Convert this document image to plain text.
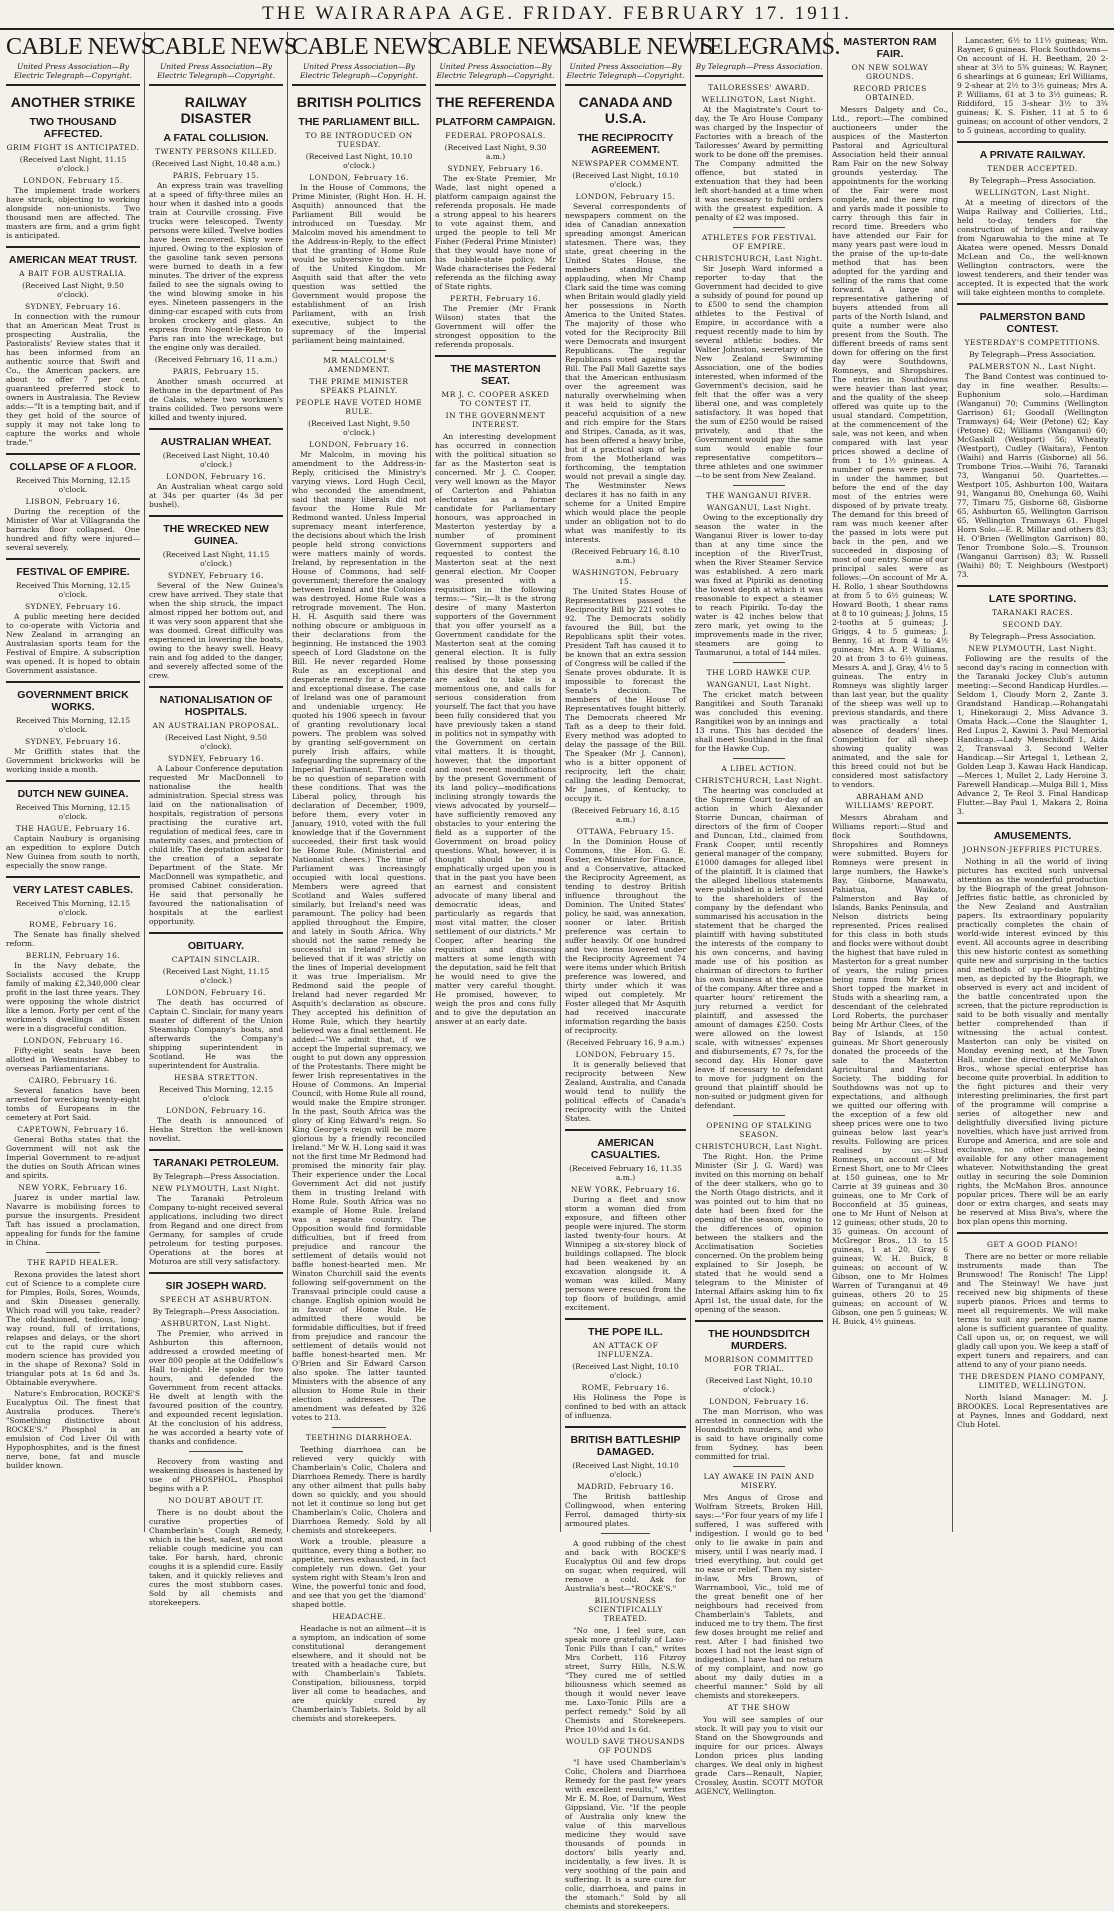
THE WAIRARAPA AGE. FRIDAY. FEBRUARY 17. 1911.
CABLE NEWS
United Press Association—By Electric Telegraph—Copyright.
ANOTHER STRIKE
TWO THOUSAND AFFECTED.
GRIM FIGHT IS ANTICIPATED.
(Received Last Night, 11.15 o'clock.)
LONDON, February 15.

The implement trade workers have struck, objecting to working alongside non-unionists. Two thousand men are affected. The masters are firm, and a grim fight is anticipated.

AMERICAN MEAT TRUST.
A BAIT FOR AUSTRALIA.
(Received Last Night, 9.50 o'clock).
SYDNEY, February 16.

In connection with the rumour that an American Meat Trust is prospecting Australia, the Pastoralists' Review states that it has been informed from an authentic source that Swift and Co., the American packers, are about to offer 7 per cent. guaranteed preferred stock to owners in Australasia. The Review adds:—"It is a tempting bait, and if they get hold of the source of supply it may not take long to capture the works and whole trade."

COLLAPSE OF A FLOOR.
Received This Morning, 12.15 o'clock.
LISBON, February 16.

During the reception of the Minister of War at Villagranda the barracks floor collapsed. One hundred and fifty were injured—several severely.

FESTIVAL OF EMPIRE.
Received This Morning, 12.15 o'clock.
SYDNEY, February 16.

A public meeting here decided to co-operate with Victoria and New Zealand in arranging an Australasian sports team for the Festival of Empire. A subscription was opened. It is hoped to obtain Government assistance.

GOVERNMENT BRICK WORKS.
Received This Morning, 12.15 o'clock.
SYDNEY, February 16.

Mr Griffith states that the Government brickworks will be working inside a month.

DUTCH NEW GUINEA.
Received This Morning, 12.15 o'clock.
THE HAGUE, February 16.

Captain Naubury is organising an expedition to explore Dutch New Guinea from south to north, especially the snow range.

VERY LATEST CABLES.
Received This Morning, 12.15 o'clock.
ROME, February 16.

The Senate has finally shelved reform.

BERLIN, February 16.

In the Navy debate, the Socialists accused the Krupp family of making £2,340,000 clear profit in the last three years. They were opposing the whole district like a lemon. Forty per cent of the workmen's dwellings at Essen were in a disgraceful condition.

LONDON, February 16.

Fifty-eight seats have been allotted in Westminster Abbey to overseas Parliamentarians.

CAIRO, February 16.

Several fanatics have been arrested for wrecking twenty-eight tombs of Europeans in the cemetery at Port Said.

CAPETOWN, February 16.

General Botha states that the Government will not ask the Imperial Government to re-adjust the duties on South African wines and spirits.

NEW YORK, February 16.

Juarez is under martial law. Navarre is mobilising forces to pursue the insurgents. President Taft has issued a proclamation, appealing for funds for the famine in China.

THE RAPID HEALER.

Rexona provides the latest short cut of Science to a complete cure for Pimples, Boils, Sores, Wounds, and Skin Diseases generally. Which road will you take, reader? The old-fashioned, tedious, long-way round, full of irritations, relapses and delays, or the short cut to the rapid cure which modern science has provided you in the shape of Rexona? Sold in triangular pots at 1s 6d and 3s. Obtainable everywhere.

Nature's Embrocation, ROCKE'S Eucalyptus Oil. The finest that Australia produces. There's "Something distinctive about ROCKE'S." Phosphol is an emulsion of Cod Liver Oil with Hypophosphites, and is the finest nerve, bone, fat and muscle builder known.

CABLE NEWS
United Press Association—By Electric Telegraph—Copyright.
RAILWAY DISASTER
A FATAL COLLISION.
TWENTY PERSONS KILLED.
(Received Last Night, 10.48 a.m.)
PARIS, February 15.

An express train was travelling at a speed of fifty-three miles an hour when it dashed into a goods train at Courville crossing. Five trucks were telescoped. Twenty persons were killed. Twelve bodies have been recovered. Sixty were injured. Owing to the explosion of the gasoline tank seven persons were burned to death in a few minutes. The driver of the express failed to see the signals owing to the wind blowing smoke in his eyes. Nineteen passengers in the dining-car escaped with cuts from broken crockery and glass. An express from Nogent-le-Retron to Paris ran into the wreckage, but the engine only was derailed.

(Received February 16, 11 a.m.)
PARIS, February 15.

Another smash occurred at Bethune in the department of Pas de Calais, where two workmen's trains collided. Two persons were killed and twenty injured.

AUSTRALIAN WHEAT.
(Received Last Night, 10.40 o'clock.)
LONDON, February 16.

An Australian wheat cargo sold at 34s per quarter (4s 3d per bushel).

THE WRECKED NEW GUINEA.
(Received Last Night, 11.15 o'clock.)
SYDNEY, February 16.

Several of the New Guinea's crew have arrived. They state that when the ship struck, the impact almost ripped her bottom out, and it was very soon apparent that she was doomed. Great difficulty was experienced in lowering the boats, owing to the heavy swell. Heavy rain and fog added to the danger, and severely affected some of the crew.

NATIONALISATION OF HOSPITALS.
AN AUSTRALIAN PROPOSAL.
(Received Last Night, 9.50 o'clock).
SYDNEY, February 16.

A Labour Conference deputation requested Mr MacDonnell to nationalise the health administration. Special stress was laid on the nationalisation of hospitals, registration of persons practising the curative art, regulation of medical fees, care in maternity cases, and protection of child life. The deputation asked for the creation of a separate Department of the State. Mr MacDonnell was sympathetic, and promised Cabinet consideration. He said that personally he favoured the nationalisation of hospitals at the earliest opportunity.

OBITUARY.
CAPTAIN SINCLAIR.
(Received Last Night, 11.15 o'clock.)
LONDON, February 16.

The death has occurred of Captain C. Sinclair, for many years master of different of the Union Steamship Company's boats, and afterwards the Company's shipping superintendent in Scotland. He was the superintendent for Australia.

HESBA STRETTON.
Received This Morning, 12.15 o'clock
LONDON, February 16.

The death is announced of Hesba Stretton the well-known novelist.

TARANAKI PETROLEUM.
By Telegraph—Press Association.
NEW PLYMOUTH, Last Night.

The Taranaki Petroleum Company to-night received several applications, including two direct from Regand and one direct from Germany, for samples of crude petroleum for testing purposes. Operations at the bores at Moturoa are still very satisfactory.

SIR JOSEPH WARD.
SPEECH AT ASHBURTON.
By Telegraph—Press Association.
ASHBURTON, Last Night.

The Premier, who arrived in Ashburton this afternoon, addressed a crowded meeting of over 800 people at the Oddfellow's Hall to-night. He spoke for two hours, and defended the Government from recent attacks. He dwelt at length with the favoured position of the country, and expounded recent legislation. At the conclusion of his address, he was accorded a hearty vote of thanks and confidence.

Recovery from wasting and weakening diseases is hastened by use of PHOSPHOL. Phosphol begins with a P.

NO DOUBT ABOUT IT.

There is no doubt about the curative properties of Chamberlain's Cough Remedy, which is the best, safest, and most reliable cough medicine you can take. For harsh, hard, chronic coughs it is a splendid cure. Easily taken, and it quickly relieves and cures the most stubborn cases. Sold by all chemists and storekeepers.

CABLE NEWS
United Press Association—By Electric Telegraph—Copyright.
BRITISH POLITICS
THE PARLIAMENT BILL.
TO BE INTRODUCED ON TUESDAY.
(Received Last Night, 10.10 o'clock.)
LONDON, February 16.

In the House of Commons, the Prime Minister, (Right Hon. H. H. Asquith) announced that the Parliament Bill would be introduced on Tuesday. Mr Malcolm moved his amendment to the Address-in-Reply, to the effect that the granting of Home Rule would be subversive to the union of the United Kingdom. Mr Asquith said that after the veto question was settled the Government would propose the establishment of an Irish Parliament, with an Irish executive, subject to the supremacy of the Imperial parliament being maintained.

MR MALCOLM'S AMENDMENT.
THE PRIME MINISTER SPEAKS PLAINLY.
PEOPLE HAVE VOTED HOME RULE.
(Received Last Night, 9.50 o'clock.)
LONDON, February 16.

Mr Malcolm, in moving his amendment to the Address-in-Reply, criticised the Ministry's varying views. Lord Hugh Cecil, who seconded the amendment, said that many liberals did not favour the Home Rule Mr Redmond wanted. Unless Imperial supremacy meant interference, the decisions about which the Irish people held strong convictions were matters mainly of words. Ireland, by representation in the House of Commons, had self-government; therefore the analogy between Ireland and the Colonies was destroyed. Home Rule was a retrograde movement. The Hon. H. H. Asquith said there was nothing obscure or ambiguous in their declarations from the beginning. He instanced the 1903 speech of Lord Gladstone on the Bill. He never regarded Home Rule as an exceptional and desperate remedy for a desperate and exceptional disease. The case of Ireland was one of paramount and undeniable urgency. He quoted his 1906 speech in favour of granting revolutionary local powers. The problem was solved by granting self-government on purely Irish affairs, while safeguarding the supremacy of the Imperial Parliament. There could be no question of separation with these conditions. That was the Liberal policy, through his declaration of December, 1909, before them, every voter in January, 1910, voted with the full knowledge that if the Government succeeded, their first task would be Home Rule. (Ministerial and Nationalist cheers.) The time of Parliament was increasingly occupied with local questions. Members were agreed that Scotland and Wales suffered similarly, but Ireland's need was paramount. The policy had been applied throughout the Empire, and lately in South Africa. Why should not the same remedy be successful in Ireland? He also believed that if it was strictly on the lines of Imperial development it was true Imperialism. Mr Redmond said the people of Ireland had never regarded Mr Asquith's declaration as obscure. They accepted his definition of Home Rule, which they heartily believed was a final settlement. He added:—"We admit that, if we accept the Imperial supremacy, we ought to put down any oppression of the Protestants. There might be fewer Irish representatives in the House of Commons. An Imperial Council, with Home Rule all round, would make the Empire stronger. In the past, South Africa was the glory of King Edward's reign. So King George's reign will be more glorious by a friendly reconciled Ireland." Mr W. H. Long said it was not the first time Mr Redmond had promised the minority fair play. Their experience under the Local Government Act did not justify them in trusting Ireland with Home Rule. South Africa was no example of Home Rule. Ireland was a separate country. The Opposition would find formidable difficulties, but if freed from prejudice and rancour the settlement of details would not baffle honest-hearted men. Mr Winston Churchill said the events following self-government on the Transvaal principle could cause a change. English opinion would be in favour of Home Rule. He admitted there would be formidable difficulties, but if freed from prejudice and rancour the settlement of details would not baffle honest-hearted men. Mr O'Brien and Sir Edward Carson also spoke. The latter taunted Ministers with the absence of any allusion to Home Rule in their election addresses. The amendment was defeated by 326 votes to 213.

TEETHING DIARRHOEA.

Teething diarrhoea can be relieved very quickly with Chamberlain's Colic, Cholera and Diarrhoea Remedy. There is hardly any other ailment that pulls baby down so quickly, and you should not let it continue so long but get Chamberlain's Colic, Cholera and Diarrhoea Remedy. Sold by all chemists and storekeepers.

Work a trouble, pleasure a quittance, every thing a bother, no appetite, nerves exhausted, in fact completely run down. Get your system right with Steam's Iron and Wine, the powerful tonic and food, and see that you get the 'diamond' shaped bottle.

HEADACHE.

Headache is not an ailment—it is a symptom, an indication of some constitutional derangement elsewhere, and it should not be treated with a headache cure, but with Chamberlain's Tablets. Constipation, biliousness, torpid liver all come to headaches, and are quickly cured by Chamberlain's Tablets. Sold by all chemists and storekeepers.

CABLE NEWS
United Press Association—By Electric Telegraph—Copyright.
THE REFERENDA
PLATFORM CAMPAIGN.
FEDERAL PROPOSALS.
(Received Last Night, 9.30 a.m.)
SYDNEY, February 16.

The ex-State Premier, Mr Wade, last night opened a platform campaign against the referenda proposals. He made a strong appeal to his hearers to vote against them, and urged the people to tell Mr Fisher (Federal Prime Minister) that they would have none of his bubble-state policy. Mr Wade characterises the Federal referenda as the filching away of State rights.

PERTH, February 16.

The Premier (Mr Frank Wilson) states that the Government will offer the strongest opposition to the referenda proposals.

THE MASTERTON SEAT.
MR J. C. COOPER ASKED TO CONTEST IT.
IN THE GOVERNMENT INTEREST.

An interesting development has occurred in connection with the political situation so far as the Masterton seat is concerned. Mr J. C. Cooper, very well known as the Mayor of Carterton and Pahiatua electorates as a former candidate for Parliamentary honours, was approached in Masterton yesterday by a number of prominent Government supporters and requested to contest the Masterton seat at the next general election. Mr Cooper was presented with a requisition in the following terms:— "Sir,—It is the strong desire of many Masterton supporters of the Government that you offer yourself as a Government candidate for the Masterton seat at the coming general election. It is fully realised by those possessing this desire that the step you are asked to take is a momentous one, and calls for serious consideration from yourself. The fact that you have been fully considered that you have previously taken a stand in politics not in sympathy with the Government on certain vital matters. It is thought, however, that the important and most recent modifications by the present Government of its land policy—modifications inclining strongly towards the views advocated by yourself—have sufficiently removed any obstacles to your entering the field as a supporter of the Government on broad policy questions. What, however, it is thought should be most emphatically urged upon you is that in the past you have been an earnest and consistent advocate of many liberal and democratic ideas, and particularly as regards that most vital matter, the closer settlement of our districts." Mr Cooper, after hearing the requisition and discussing matters at some length with the deputation, said he felt that he would need to give the matter very careful thought. He promised, however, to weigh the pros and cons fully and to give the deputation an answer at an early date.

CABLE NEWS
United Press Association—By Electric Telegraph—Copyright.
CANADA AND U.S.A.
THE RECIPROCITY AGREEMENT.
NEWSPAPER COMMENT.
(Received Last Night, 10.10 o'clock.)
LONDON, February 15.

Several correspondents of newspapers comment on the idea of Canadian annexation spreading amongst American statesmen. There was, they state, great cheering in the United States House, the members standing and applauding, when Mr Champ Clark said the time was coming when Britain would gladly yield her possessions in North America to the United States. The majority of those who voted for the Reciprocity Bill were Democrats and insurgent Republicans. The regular Republicans voted against the Bill. The Pall Mall Gazette says that the American enthusiasm over the agreement was naturally overwhelming when it was held to signify the peaceful acquisition of a new and rich empire for the Stars and Stripes. Canada, as it was, has been offered a heavy bribe, but if a practical sign of help from the Motherland was forthcoming, the temptation would not prevail a single day. The Westminster News declares it has no faith in any scheme for a United Empire which would place the people under an obligation not to do what was manifestly to its interests.

(Received February 16, 8.10 a.m.)
WASHINGTON, February 15.

The United States House of Representatives passed the Reciprocity Bill by 221 votes to 92. The Democrats solidly favoured the Bill, but the Republicans split their votes. President Taft has caused it to be known that an extra session of Congress will be called if the Senate proves obdurate. It is impossible to forecast the Senate's decision. The members of the House of Representatives fought bitterly. The Democrats cheered Mr Taft as a deep to their fold. Every method was adopted to delay the passage of the Bill. The Speaker (Mr J. Cannon), who is a bitter opponent of reciprocity, left the chair, calling the leading Democrat, Mr James, of Kentucky, to occupy it.

(Received February 16, 8.15 a.m.)
OTTAWA, February 15.

In the Dominion House of Commons, the Hon. G. E. Foster, ex-Minister for Finance, and a Conservative, attacked the Reciprocity Agreement, as tending to destroy British influence throughout the Dominion. The United States' policy, he said, was annexation, sooner or later. British preference was certain to suffer heavily. Of one hundred and two items lowered under the Reciprocity Agreement 74 were items under which British preference was lowered, and thirty under which it was wiped out completely. Mr Foster alleged that Mr Asquith had received inaccurate information regarding the basis of reciprocity.

(Received February 16, 9 a.m.)
LONDON, February 15.

It is generally believed that reciprocity between New Zealand, Australia, and Canada would tend to nullify the political effects of Canada's reciprocity with the United States.

AMERICAN CASUALTIES.
(Received February 16, 11.35 a.m.)
NEW YORK, February 16.

During a fleet and snow storm a woman died from exposure, and fifteen other people were injured. The storm lasted twenty-four hours. At Winnipeg a six-storey block of buildings collapsed. The block had been weakened by an excavation alongside it. A woman was killed. Many persons were rescued from the top floors of buildings, amid excitement.

THE POPE ILL.
AN ATTACK OF INFLUENZA.
(Received Last Night, 10.10 o'clock.)
ROME, February 16.

His Holiness the Pope is confined to bed with an attack of influenza.

BRITISH BATTLESHIP DAMAGED.
(Received Last Night, 10.10 o'clock.)
MADRID, February 16.

The British battleship Collingwood, when entering Ferrol, damaged thirty-six armoured plates.

A good rubbing of the chest and back with ROCKE'S Eucalyptus Oil and few drops on sugar, when required, will remove a cold. Ask for Australia's best—"ROCKE'S."

BILIOUSNESS SCIENTIFICALLY TREATED.

"No one, I feel sure, can speak more gratefully of Laxo-Tonic Pills than I can," writes Mrs Corbett, 116 Fitzroy street, Surry Hills, N.S.W. "They cured me of settled biliousness which seemed as though it would never leave me. Laxo-Tonic Pills are a perfect remedy." Sold by all Chemists and Storekeepers. Price 10½d and 1s 6d.

WOULD SAVE THOUSANDS OF POUNDS

"I have used Chamberlain's Colic, Cholera and Diarrhoea Remedy for the past few years with excellent results," writes Mr E. M. Roe, of Darnum, West Gippsland, Vic. "If the people of Australia only knew the value of this marvellous medicine they would save thousands of pounds in doctors' bills yearly and, incidentally, a few lives. It is very soothing of the pain and suffering. It is a sure cure for colic, diarrhoea, and pains in the stomach." Sold by all chemists and storekeepers.

TELEGRAMS.
By Telegraph—Press Association.
TAILORESSES' AWARD.
WELLINGTON, Last Night.

At the Magistrate's Court to-day, the Te Aro House Company was charged by the Inspector of Factories with a breach of the Tailoresses' Award by permitting work to be done off the premises. The Company admitted the offence, but stated in extenuation that they had been left short-handed at a time when it was necessary to fulfil orders with the greatest expedition. A penalty of £2 was imposed.

ATHLETES FOR FESTIVAL OF EMPIRE.
CHRISTCHURCH, Last Night.

Sir Joseph Ward informed a reporter to-day that the Government had decided to give a subsidy of pound for pound up to £500 to send the champion athletes to the Festival of Empire, in accordance with a request recently made to him by several athletic bodies. Mr Walter Johnston, secretary of the New Zealand Swimming Association, one of the bodies interested, when informed of the Government's decision, said he felt that the offer was a very liberal one, and was completely satisfactory. It was hoped that the sum of £250 would be raised privately, and that the Government would pay the same sum would enable four representative competitors—three athletes and one swimmer—to be sent from New Zealand.

THE WANGANUI RIVER.
WANGANUI, Last Night.

Owing to the exceptionally dry season the water in the Wanganui River is lower to-day than at any time since the inception of the RiverTrust, when the River Steamer Service was established. A zero mark was fixed at Pipiriki as denoting the lowest depth at which it was reasonable to expect a steamer to reach Pipiriki. To-day the water is 42 inches below that zero mark, yet owing to the improvements made in the river, steamers are going to Taumarunui, a total of 144 miles.

THE LORD HAWKE CUP.
WANGANUI, Last Night.

The cricket match between Rangitikei and South Taranaki was concluded this evening. Rangitikei won by an innings and 13 runs. This has decided the shall meet Southland in the final for the Hawke Cup.

A LIBEL ACTION.
CHRISTCHURCH, Last Night.

The hearing was concluded at the Supreme Court to-day of an action in which Alexander Storrie Duncan, chairman of directors of the firm of Cooper and Duncan, Ltd., claimed from Frank Cooper, until recently general manager of the company, £1000 damages for alleged libel of the plaintiff. It is claimed that the alleged libellous statements were published in a letter issued to the shareholders of the company by the defendant who summarised his accusation in the statement that he charged the plaintiff with having substituted the interests of the company to his own concerns, and having made use of his position as chairman of directors to further his own business at the expense of the company. After three and a quarter hours' retirement the jury returned a verdict for plaintiff, and assessed the amount of damages £250. Costs were allowed on the lowest scale, with witnesses' expenses and disbursements, £7 7s, for the second day. His Honor gave leave if necessary to defendant to move for judgment on the ground that plaintiff should be non-suited or judgment given for defendant.

OPENING OF STALKING SEASON.
CHRISTCHURCH, Last Night.

The Right. Hon. the Prime Minister (Sir J. G. Ward) was invited on this morning on behalf of the deer stalkers, who go to the North Otago districts, and it was pointed out to him that no date had been fixed for the opening of the season, owing to the differences of opinion between the stalkers and the Acclimatisation Societies concerned. On the problem being explained to Sir Joseph, he stated that he would send a telegram to the Minister of Internal Affairs asking him to fix April 1st, the usual date, for the opening of the season.

THE HOUNDSDITCH MURDERS.
MORRISON COMMITTED FOR TRIAL.
(Received Last Night, 10.10 o'clock.)
LONDON, February 16.

The man Morrison, who was arrested in connection with the Houndsditch murders, and who is said to have originally come from Sydney, has been committed for trial.

LAY AWAKE IN PAIN AND MISERY.

Mrs Angus of Grose and Wolfram Streets, Broken Hill, says:—"For four years of my life I suffered, I was suffered with indigestion. I would go to bed only to lie awake in pain and misery, until I was nearly mad. I tried everything, but could get no ease or relief. Then my sister-in-law, Mrs Brown, of Warrnambool, Vic., told me of the great benefit one of her neighbours had received from Chamberlain's Tablets, and induced me to try them. The first few doses brought me relief and rest. After I had finished two boxes I had not the least sign of indigestion. I have had no return of my complaint, and now go about my daily duties in a cheerful manner." Sold by all chemists and storekeepers.

AT THE SHOW

You will see samples of our stock. It will pay you to visit our Stand on the Showgrounds and inquire for our prices. Always London prices plus landing charges. We deal only in highest grade Cars—Renault, Napier, Crossley, Austin. SCOTT MOTOR AGENCY, Wellington.

MASTERTON RAM FAIR.
ON NEW SOLWAY GROUNDS.
RECORD PRICES OBTAINED.

Messrs Dalgety and Co., Ltd., report:—The combined auctioneers under the auspices of the Masterton Pastoral and Agricultural Association held their annual Ram Fair on the new Solway grounds yesterday. The appointments for the working of the Fair were most complete, and the new ring and yards made it possible to carry through this fair in record time. Breeders who have attended our Fair for many years past were loud in the praise of the up-to-date method that has been adopted for the yarding and selling of the rams that come forward. A large and representative gathering of buyers attended from all parts of the North Island, and quite a number were also present from the South. The different breeds of rams sent down for offering on the first day were Southdowns, Romneys, and Shropshires. The entries in Southdowns were heavier than last year, and the quality of the sheep offered was quite up to the usual standard. Competition, at the commencement of the sale, was not keen, and when compared with last year prices showed a decline of from 1 to 1½ guineas. A number of pens were passed in under the hammer, but before the end of the day most of the entries were disposed of by private treaty. The demand for this breed of ram was much keener after the passed in lots were put back in the pen, and we succeeded in disposing of most of our entry. Some of our principal sales were as follows:—On account of Mr A. H. Rollo, 1 shear Southdowns at from 5 to 6½ guineas; W. Howard Booth, 1 shear rams at 8 to 10 guineas; J. Johns, 15 2-tooths at 5 guineas; J. Griggs, 4 to 5 guineas; J. Benny, 16 at from 4 to 4½ guineas; Mrs A. P. Williams, 20 at from 3 to 6½ guineas. Messrs A. and J. Gray, 4½ to 5 guineas. The entry in Romneys was slightly larger than last year, but the quality of the sheep was well up to previous standards, and there was practically a total absence of deaders' lines. Competition for all sheep showing quality was animated, and the sale for this breed could not but be considered most satisfactory to vendors.

ABRAHAM AND WILLIAMS' REPORT.

Messrs Abraham and Williams report:—Stud and flock Southdowns, Shropshires and Romneys were submitted. Buyers for Romneys were present in large numbers, the Hawke's Bay, Gisborne, Manawatu, Pahiatua, Waikato, Palmerston and Bay of Islands, Banks Peninsula, and Nelson districts being represented. Prices realised for this class in both studs and flocks were without doubt the highest that have ruled in Masterton for a great number of years, the ruling prices being rams from Mr Ernest Short topped the market in Studs with a shearling ram, a descendant of the celebrated Lord Roberts, the purchaser being Mr Arthur Clees, of the Bay of Islands, at 150 guineas. Mr Short generously donated the proceeds of the sale to the Masterton Agricultural and Pastoral Society. The bidding for Southdowns was not up to expectations, and although we quitted our offering with the exception of a few old sheep prices were one to two guineas below last year's results. Following are prices realised by us:—Stud Romneys, on account of Mr Ernest Short, one to Mr Clees at 150 guineas, one to Mr Carrie at 39 guineas and 30 guineas, one to Mr Cork of Bocconfield at 35 guineas, one to Mr Hunt of Nelson at 12 guineas; other studs, 20 to 35 guineas. On account of McGregor Bros., 13 to 15 guineas, 1 at 20, Gray 6 guineas; W. H. Buick, 8 guineas; on account of W. Gibson, one to Mr Holmes Warren of Turanganui at 49 guineas, others 20 to 25 guineas; on account of W. Gibson, one pen 5 guineas; W. H. Buick, 4½ guineas.

Lancaster, 6½ to 11½ guineas; Wm. Rayner, 6 guineas. Flock Southdowns—On account of H. H. Beetham, 20 2-shear at 3½ to 5¾ guineas; W. Rayner, 6 shearlings at 6 guineas; Erl Williams, 9 2-shear at 2½ to 3½ guineas; Mrs A. P. Williams, 61 at 3 to 3½ guineas; R. Riddiford, 15 3-shear 3½ to 3¾ guineas; K. S. Fisher, 11 at 5 to 6 guineas; on account of other vendors, 2 to 5 guineas, according to quality.

A PRIVATE RAILWAY.
TENDER ACCEPTED.
By Telegraph—Press Association.
WELLINGTON, Last Night.

At a meeting of directors of the Waipa Railway and Collieries, Ltd., held to-day, tenders for the construction of bridges and railway from Ngaruwahia to the mine at Te Akatea were opened. Messrs Donald McLean and Co., the well-known Wellington contractors, were the lowest tenderers, and their tender was accepted. It is expected that the work will take eighteen months to complete.

PALMERSTON BAND CONTEST.
YESTERDAY'S COMPETITIONS.
By Telegraph—Press Association.
PALMERSTON N., Last Night.

The Band Contest was continued to-day in fine weather. Results:—Euphonium solo.—Hardiman (Wanganui) 70; Cummins (Wellington Garrison) 61; Goodall (Wellington Tramways) 64; Weir (Petone) 62; Kay (Petone) 62; Williams (Wanganui) 60; McGaskill (Westport) 56; Wheatly (Westport), Cudley (Waitara), Fenton (Waihi) and Harris (Gisborne) all 56. Trombone Trios.—Waihi 76, Taranaki 73, Wanganui 50. Quartettes.—Westport 105, Ashburton 100, Waitara 91, Wanganui 80, Onehunga 60, Waihi 77, Timaru 75, Gisborne 68, Gisborne 65, Ashburton 65, Wellington Garrison 65, Wellington Tramways 61. Flugel Horn Solo.—E. R. Millar and others 83; H. O'Brien (Wellington Garrison) 80. Tenor Trombone Solo.—S. Trounson (Wanganui Garrison) 83; W. Russell (Waihi) 80; T. Neighbours (Westport) 73.

LATE SPORTING.
TARANAKI RACES.
SECOND DAY.
By Telegraph—Press Association.
NEW PLYMOUTH, Last Night.

Following are the results of the second day's racing in connection with the Taranaki Jockey Club's autumn meeting:—Second Handicap Hurdles.—Seldom 1, Cloudy Morn 2, Zante 3. Grandstand Handicap.—Rohangatahi 1, Hinekoraugi 2, Miss Advance 3. Omata Hack.—Cone the Slaughter 1, Red Lupus 2, Kawini 3. Paul Memorial Handicap.—Lady Menschikoff 1, Aida 2, Transvaal 3. Second Welter Handicap.—Sir Artegal 1, Lethean 2, Golden Leap 3. Kawau Hack Handicap.—Merces 1, Mullet 2, Lady Heroine 3. Farewell Handicap.—Mulga Bill 1, Miss Advance 2, Te Reol 3. Final Handicap Flutter.—Bay Paul 1, Makara 2, Roina 3.

AMUSEMENTS.
JOHNSON-JEFFRIES PICTURES.

Nothing in all the world of living pictures has excited such universal attention as the wonderful production by the Biograph of the great Johnson-Jeffries fistic battle, as chronicled by the New Zealand and Australian papers. Its extraordinary popularity practically completes the chain of world-wide interest evinced by this event. All accounts agree in describing this new historic contest as something quite new and surprising in the tactics and methods of up-to-date fighting men, as depicted by the Biograph, we observed is every act and incident of the battle concentrated upon the screen, that the picture reproduction is said to be both visually and mentally better comprehended than if witnessing the actual contest. Masterton can only be visited on Monday evening next, at the Town Hall, under the direction of McMahon Bros., whose special enterprise has become quite proverbial. In addition to the fight pictures and their very interesting preliminaries, the first part of the programme will comprise a series of altogether new and delightfully diversified living picture novelties, which have just arrived from Europe and America, and are sole and exclusive, no other circus being available for any other management whatever. Notwithstanding the great outlay in securing the sole Dominion rights, the McMahon Bros. announce popular prices. There will be an early door or extra charges, and seats may be reserved at Miss Biva's, where the box plan opens this morning.

GET A GOOD PIANO!

There are no better or more reliable instruments made than The Brunswood! The Ronisch! The Lipp! and The Steinway! We have just received new big shipments of these superb pianos. Prices and terms to meet all requirements. We will make terms to suit any person. The name alone is sufficient guarantee of quality. Call upon us, or, on request, we will gladly call upon you. We keep a staff of expert tuners and repairers, and can attend to any of your piano needs.

THE DRESDEN PIANO COMPANY, LIMITED, WELLINGTON.

North Island Manager: M. J. BROOKES. Local Representatives are at Paynes, Innes and Goddard, next Club Hotel.
